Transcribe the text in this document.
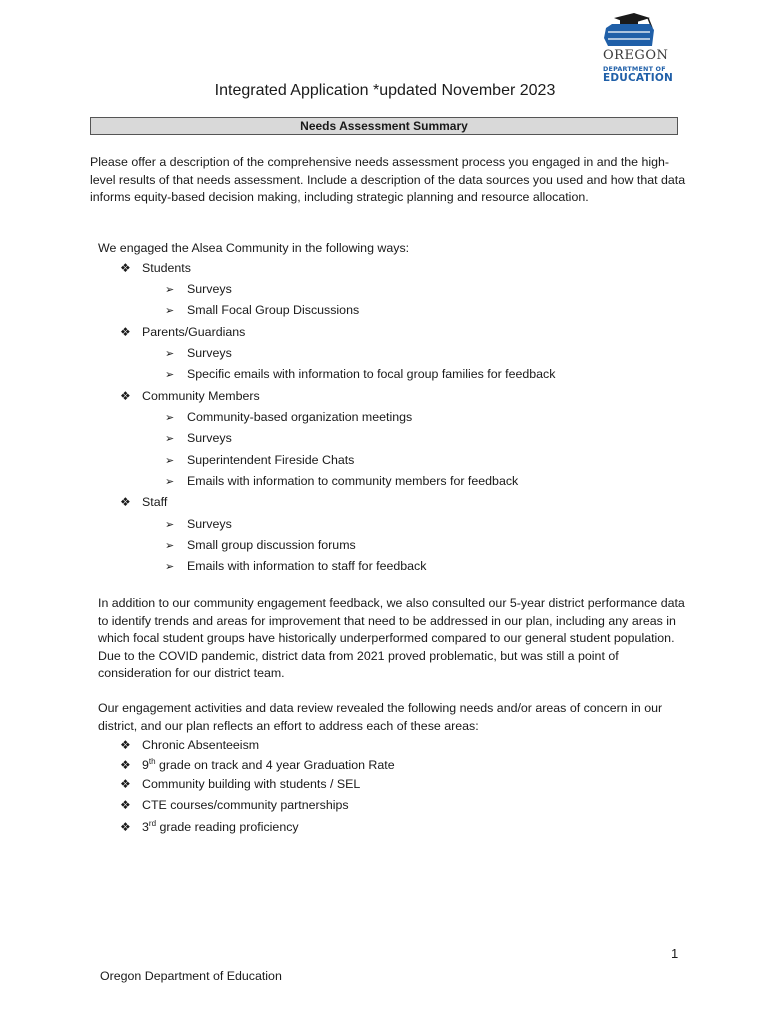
OREGON
DEPARTMENT OF
EDUCATION
Integrated Application *updated November 2023
Needs Assessment Summary
Please offer a description of the comprehensive needs assessment process you engaged in and the high-level results of that needs assessment. Include a description of the data sources you used and how that data informs equity-based decision making, including strategic planning and resource allocation.
We engaged the Alsea Community in the following ways:
❖ Students
➢ Surveys
➢ Small Focal Group Discussions
❖ Parents/Guardians
➢ Surveys
➢ Specific emails with information to focal group families for feedback
❖ Community Members
➢ Community-based organization meetings
➢ Surveys
➢ Superintendent Fireside Chats
➢ Emails with information to community members for feedback
❖ Staff
➢ Surveys
➢ Small group discussion forums
➢ Emails with information to staff for feedback
In addition to our community engagement feedback, we also consulted our 5-year district performance data to identify trends and areas for improvement that need to be addressed in our plan, including any areas in which focal student groups have historically underperformed compared to our general student population. Due to the COVID pandemic, district data from 2021 proved problematic, but was still a point of consideration for our district team.
Our engagement activities and data review revealed the following needs and/or areas of concern in our district, and our plan reflects an effort to address each of these areas:
❖ Chronic Absenteeism
❖ 9th grade on track and 4 year Graduation Rate
❖ Community building with students / SEL
❖ CTE courses/community partnerships
❖ 3rd grade reading proficiency
1
Oregon Department of Education
